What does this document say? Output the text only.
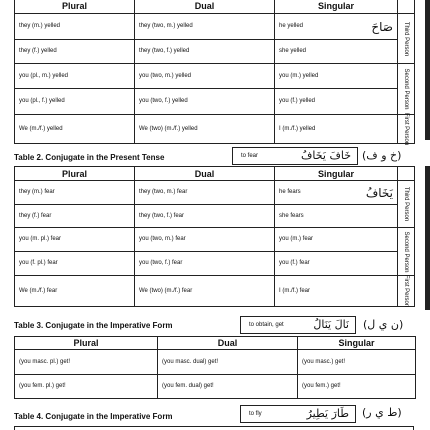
Plural	Dual	Singular	
they (m.) yelled	they (two, m.) yelled	he yelled صَاحَ	Third Person

they (f.) yelled	they (two, f.) yelled	she yelled	
you (pl., m.) yelled	you (two, m.) yelled	you (m.) yelled	Second Person

you (pl., f.) yelled	you (two, f.) yelled	you (f.) yelled	
We (m./f.) yelled	We (two) (m./f.) yelled	I (m./f.) yelled	First Person
Table 2. Conjugate in the Present Tense	to fear	خَافَ يَخَافُ (خ و ف)
Plural	Dual	Singular	
they (m.) fear	they (two, m.) fear	he fears يَخَافُ	Third Person

they (f.) fear	they (two, f.) fear	she fears	
you (m. pl.) fear	you (two, m.) fear	you (m.) fear	Second Person

you (f. pl.) fear	you (two, f.) fear	you (f.) fear	
We (m./f.) fear	We (two) (m./f.) fear	I (m./f.) fear	First Person
Table 3. Conjugate in the Imperative Form	to obtain, get	نَالَ يَنَالُ (ن ي ل)
Plural	Dual	Singular
(you masc. pl.) get!	(you masc. dual) get!	(you masc.) get!
(you fem. pl.) get!	(you fem. dual) get!	(you fem.) get!
Table 4. Conjugate in the Imperative Form	to fly	طَارَ يَطِيرُ (ط ي ر)
